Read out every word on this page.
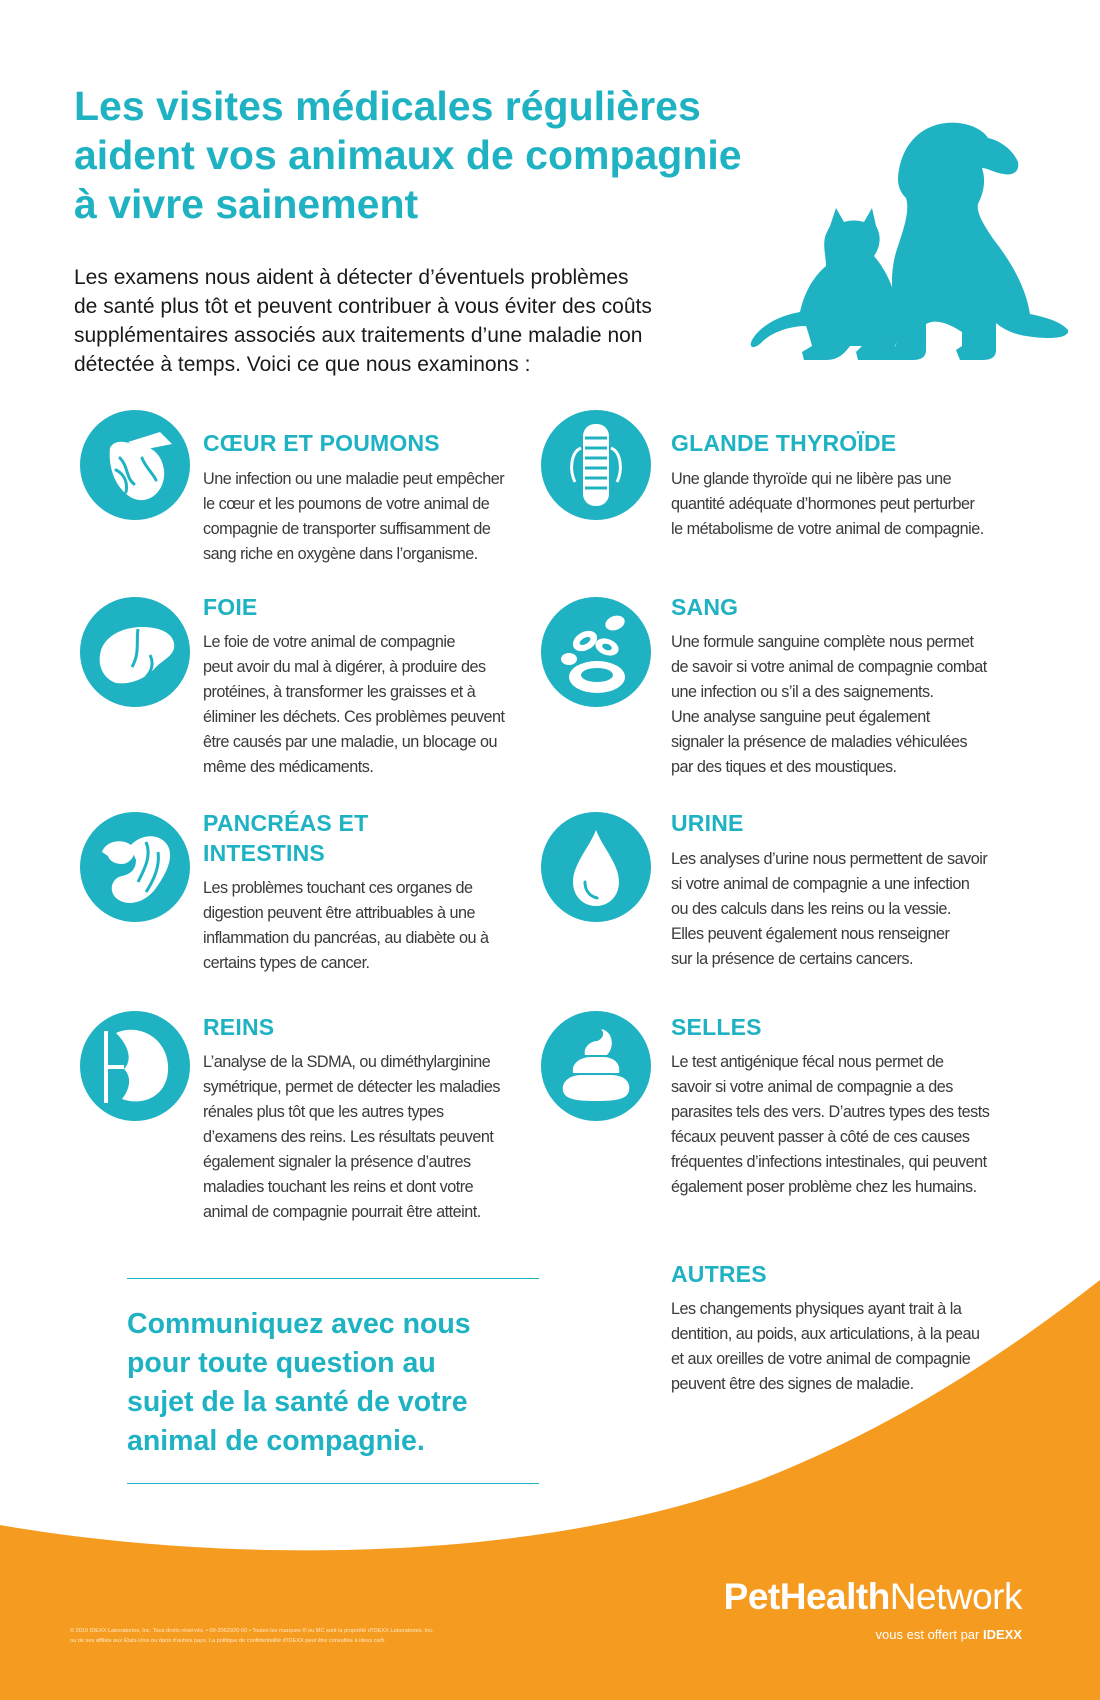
Les visites médicales régulières
aident vos animaux de compagnie
à vivre sainement
Les examens nous aident à détecter d’éventuels problèmes
de santé plus tôt et peuvent contribuer à vous éviter des coûts
supplémentaires associés aux traitements d’une maladie non
détectée à temps. Voici ce que nous examinons :
CŒUR ET POUMONS
Une infection ou une maladie peut empêcher
le cœur et les poumons de votre animal de
compagnie de transporter suffisamment de
sang riche en oxygène dans l’organisme.
GLANDE THYROÏDE
Une glande thyroïde qui ne libère pas une
quantité adéquate d’hormones peut perturber
le métabolisme de votre animal de compagnie.
FOIE
Le foie de votre animal de compagnie
peut avoir du mal à digérer, à produire des
protéines, à transformer les graisses et à
éliminer les déchets. Ces problèmes peuvent
être causés par une maladie, un blocage ou
même des médicaments.
SANG
Une formule sanguine complète nous permet
de savoir si votre animal de compagnie combat
une infection ou s’il a des saignements.
Une analyse sanguine peut également
signaler la présence de maladies véhiculées
par des tiques et des moustiques.
PANCRÉAS ET
INTESTINS
Les problèmes touchant ces organes de
digestion peuvent être attribuables à une
inflammation du pancréas, au diabète ou à
certains types de cancer.
URINE
Les analyses d’urine nous permettent de savoir
si votre animal de compagnie a une infection
ou des calculs dans les reins ou la vessie.
Elles peuvent également nous renseigner
sur la présence de certains cancers.
REINS
L’analyse de la SDMA, ou diméthylarginine
symétrique, permet de détecter les maladies
rénales plus tôt que les autres types
d’examens des reins. Les résultats peuvent
également signaler la présence d’autres
maladies touchant les reins et dont votre
animal de compagnie pourrait être atteint.
SELLES
Le test antigénique fécal nous permet de
savoir si votre animal de compagnie a des
parasites tels des vers. D’autres types des tests
fécaux peuvent passer à côté de ces causes
fréquentes d’infections intestinales, qui peuvent
également poser problème chez les humains.
AUTRES
Les changements physiques ayant trait à la
dentition, au poids, aux articulations, à la peau
et aux oreilles de votre animal de compagnie
peuvent être des signes de maladie.
Communiquez avec nous
pour toute question au
sujet de la santé de votre
animal de compagnie.
PetHealthNetwork
vous est offert par IDEXX
© 2019 IDEXX Laboratories, Inc. Tous droits réservés. • 09-2062920-00 • Toutes les marques ® ou MC sont la propriété d’IDEXX Laboratories, Inc.
ou de ses affiliés aux États-Unis ou dans d’autres pays. La politique de confidentialité d’IDEXX peut être consultée à idexx.ca/fr.
